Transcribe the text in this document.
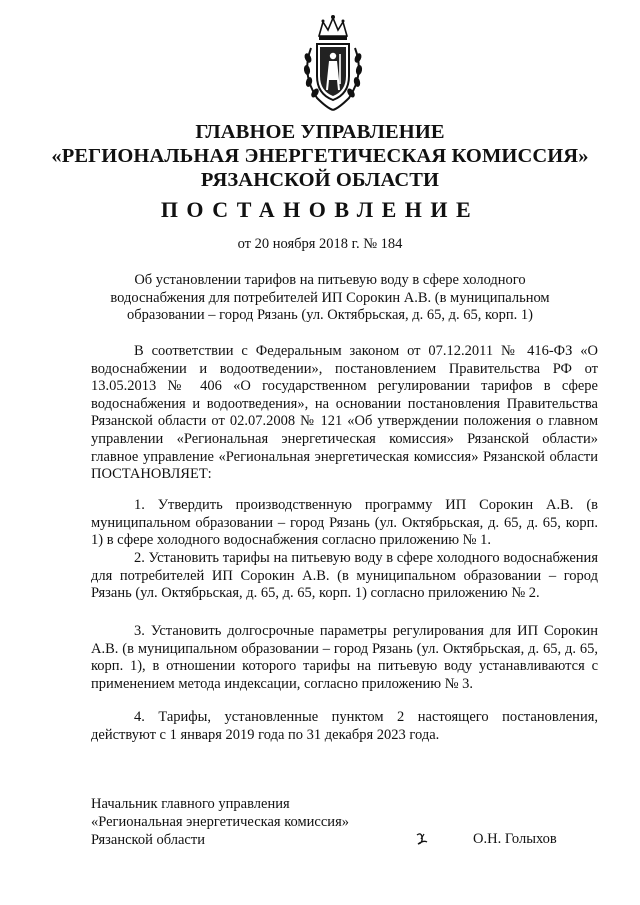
ГЛАВНОЕ УПРАВЛЕНИЕ
«РЕГИОНАЛЬНАЯ ЭНЕРГЕТИЧЕСКАЯ КОМИССИЯ»
РЯЗАНСКОЙ ОБЛАСТИ
ПОСТАНОВЛЕНИЕ
от 20 ноября 2018 г. № 184
Об установлении тарифов на питьевую воду в сфере холодного водоснабжения для потребителей ИП Сорокин А.В. (в муниципальном образовании – город Рязань (ул. Октябрьская, д. 65, д. 65, корп. 1)
В соответствии с Федеральным законом от 07.12.2011 № 416-ФЗ «О водоснабжении и водоотведении», постановлением Правительства РФ от 13.05.2013 № 406 «О государственном регулировании тарифов в сфере водоснабжения и водоотведения», на основании постановления Правительства Рязанской области от 02.07.2008 № 121 «Об утверждении положения о главном управлении «Региональная энергетическая комиссия» Рязанской области» главное управление «Региональная энергетическая комиссия» Рязанской области ПОСТАНОВЛЯЕТ:
1. Утвердить производственную программу ИП Сорокин А.В. (в муниципальном образовании – город Рязань (ул. Октябрьская, д. 65, д. 65, корп. 1) в сфере холодного водоснабжения согласно приложению № 1.
2. Установить тарифы на питьевую воду в сфере холодного водоснабжения для потребителей ИП Сорокин А.В. (в муниципальном образовании – город Рязань (ул. Октябрьская, д. 65, д. 65, корп. 1) согласно приложению № 2.
3. Установить долгосрочные параметры регулирования для ИП Сорокин А.В. (в муниципальном образовании – город Рязань (ул. Октябрьская, д. 65, д. 65, корп. 1), в отношении которого тарифы на питьевую воду устанавливаются с применением метода индексации, согласно приложению № 3.
4. Тарифы, установленные пунктом 2 настоящего постановления, действуют с 1 января 2019 года по 31 декабря 2023 года.
Начальник главного управления
«Региональная энергетическая комиссия»
Рязанской области	О.Н. Голыхов
